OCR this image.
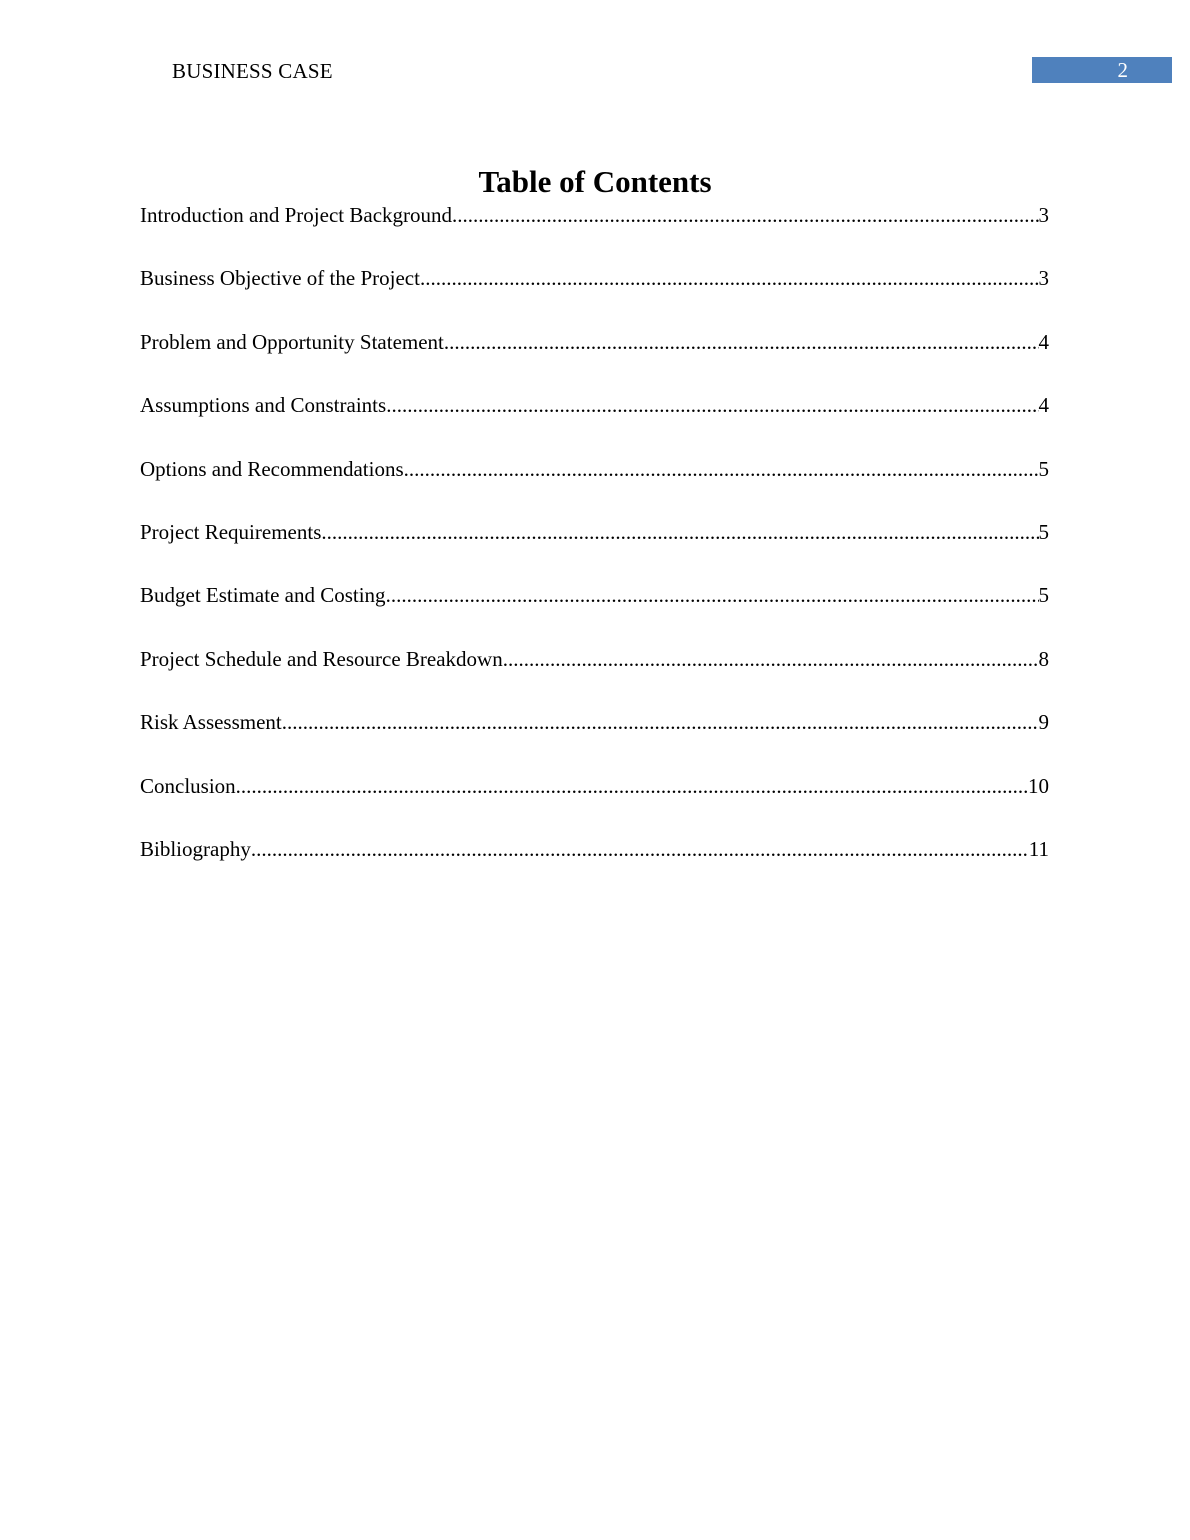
BUSINESS CASE	2
Table of Contents
Introduction and Project Background .....	3
Business Objective of the Project .....	3
Problem and Opportunity Statement .....	4
Assumptions and Constraints .....	4
Options and Recommendations .....	5
Project Requirements .....	5
Budget Estimate and Costing .....	5
Project Schedule and Resource Breakdown .....	8
Risk Assessment .....	9
Conclusion .....	10
Bibliography .....	11
